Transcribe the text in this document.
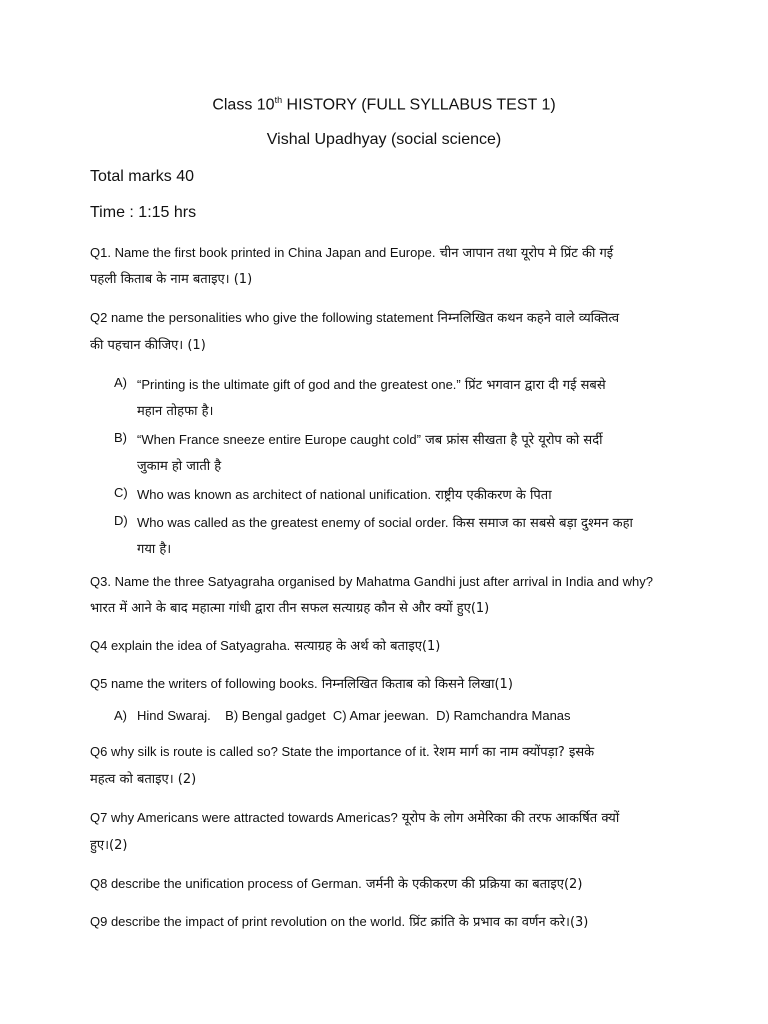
Class 10th HISTORY (FULL SYLLABUS TEST 1)
Vishal Upadhyay (social science)
Total marks 40
Time : 1:15 hrs
Q1. Name the first book printed in China Japan and Europe. चीन जापान तथा यूरोप मे प्रिंट की गई
पहली किताब के नाम बताइए। (1)
Q2 name the personalities who give the following statement निम्नलिखित कथन कहने वाले व्यक्तित्व
की पहचान कीजिए। (1)
A) “Printing is the ultimate gift of god and the greatest one.” प्रिंट भगवान द्वारा दी गई सबसे
महान तोहफा है।
B) “When France sneeze entire Europe caught cold” जब फ्रांस सीखता है पूरे यूरोप को सर्दी
जुकाम हो जाती है
C) Who was known as architect of national unification. राष्ट्रीय एकीकरण के पिता
D) Who was called as the greatest enemy of social order. किस समाज का सबसे बड़ा दुश्मन कहा
गया है।
Q3. Name the three Satyagraha organised by Mahatma Gandhi just after arrival in India and why?
भारत में आने के बाद महात्मा गांधी द्वारा तीन सफल सत्याग्रह कौन से और क्यों हुए(1)
Q4 explain the idea of Satyagraha. सत्याग्रह के अर्थ को बताइए(1)
Q5 name the writers of following books. निम्नलिखित किताब को किसने लिखा(1)
A) Hind Swaraj.    B) Bengal gadget  C) Amar jeewan.  D) Ramchandra Manas
Q6 why silk is route is called so? State the importance of it. रेशम मार्ग का नाम क्योंपड़ा? इसके
महत्व को बताइए। (2)
Q7 why Americans were attracted towards Americas? यूरोप के लोग अमेरिका की तरफ आकर्षित क्यों
हुए।(2)
Q8 describe the unification process of German. जर्मनी के एकीकरण की प्रक्रिया का बताइए(2)
Q9 describe the impact of print revolution on the world. प्रिंट क्रांति के प्रभाव का वर्णन करे।(3)
